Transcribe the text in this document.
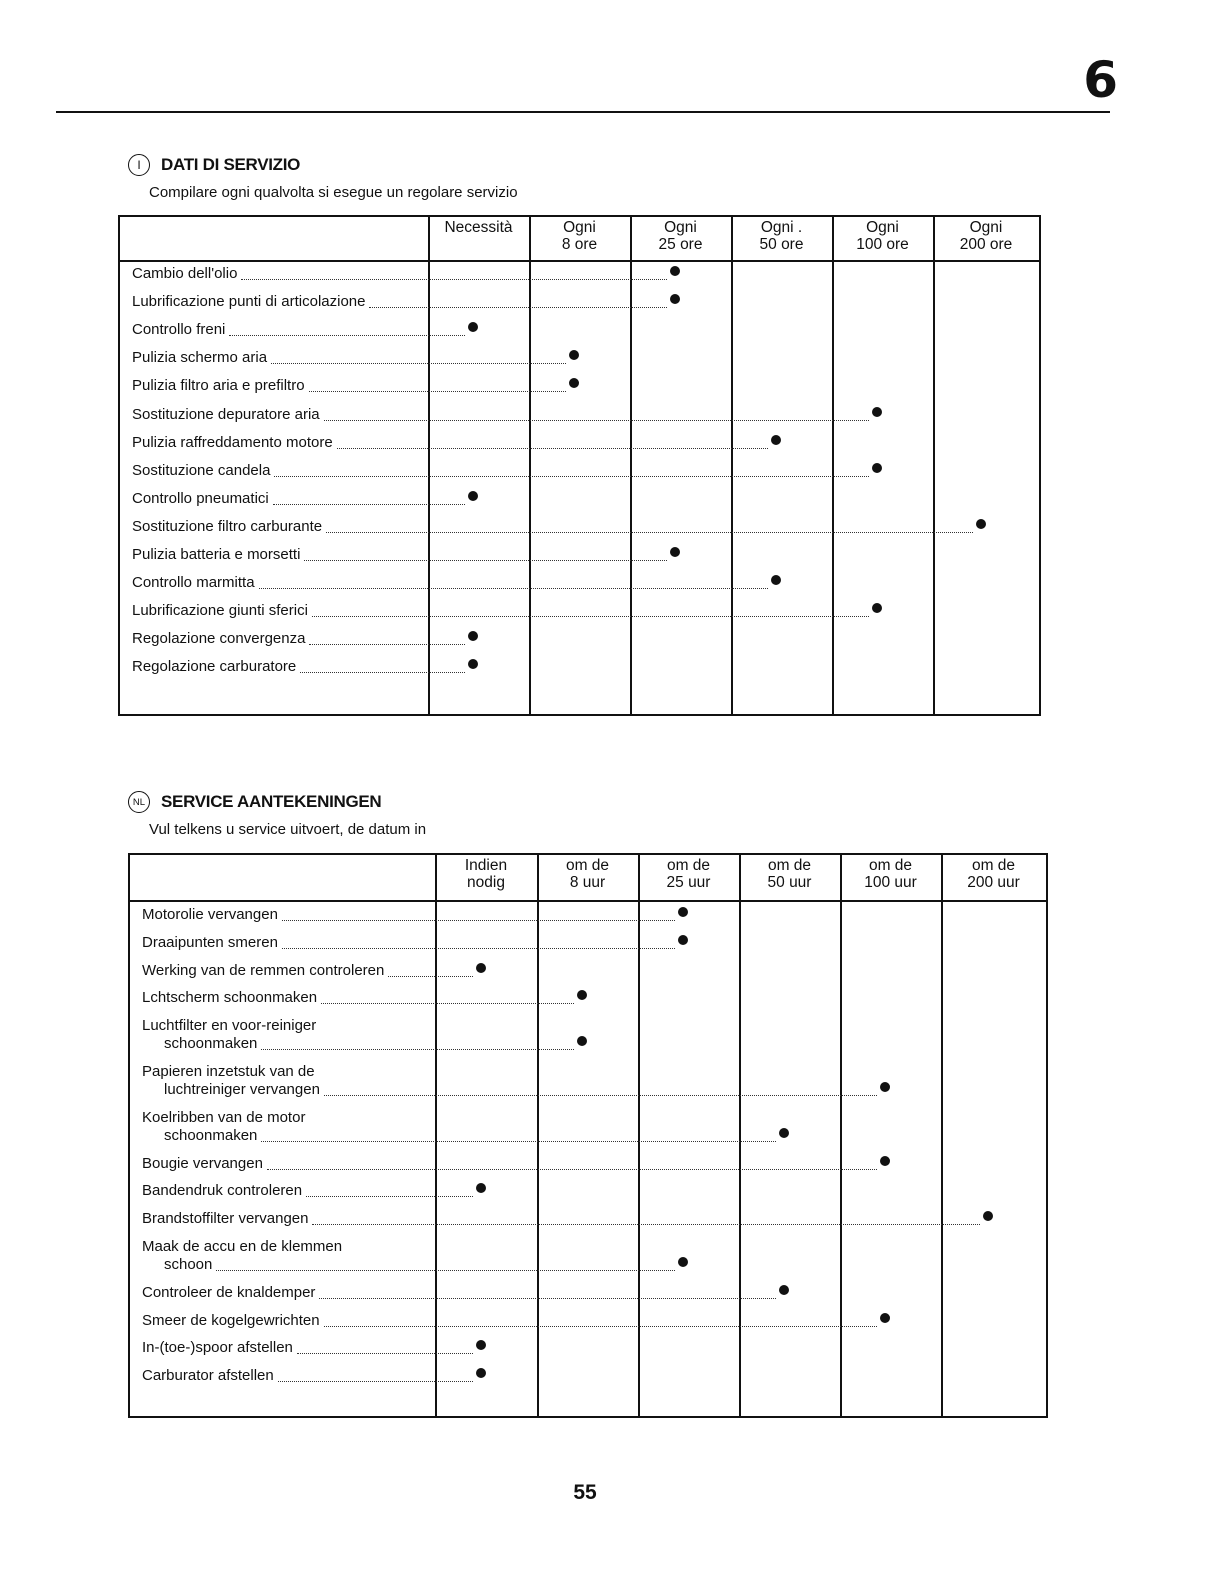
6
I	DATI DI SERVIZIO
Compilare ogni qualvolta si esegue un regolare servizio
Necessità	Ogni
8 ore
Ogni
25 ore
Ogni .
50 ore
Ogni
100 ore
Ogni
200 ore
Cambio dell'olio
Lubrificazione punti di articolazione
Controllo freni
Pulizia schermo aria
Pulizia filtro aria e prefiltro
Sostituzione depuratore aria
Pulizia raffreddamento motore
Sostituzione candela
Controllo pneumatici
Sostituzione filtro carburante
Pulizia batteria e morsetti
Controllo marmitta
Lubrificazione giunti sferici
Regolazione convergenza
Regolazione carburatore
NL SERVICE AANTEKENINGEN
Vul telkens u service uitvoert, de datum in
Indien
nodig
om de
8 uur
om de
25 uur
om de
50 uur
om de
100 uur
om de
200 uur
Motorolie vervangen
Draaipunten smeren
Werking van de remmen controleren
Lchtscherm schoonmaken
Luchtfilter en voor-reiniger
schoonmaken
Papieren inzetstuk van de
luchtreiniger vervangen
Koelribben van de motor
schoonmaken
Bougie vervangen
Bandendruk controleren
Brandstoffilter vervangen
Maak de accu en de klemmen
schoon
Controleer de knaldemper
Smeer de kogelgewrichten
In-(toe-)spoor afstellen
Carburator afstellen
55
